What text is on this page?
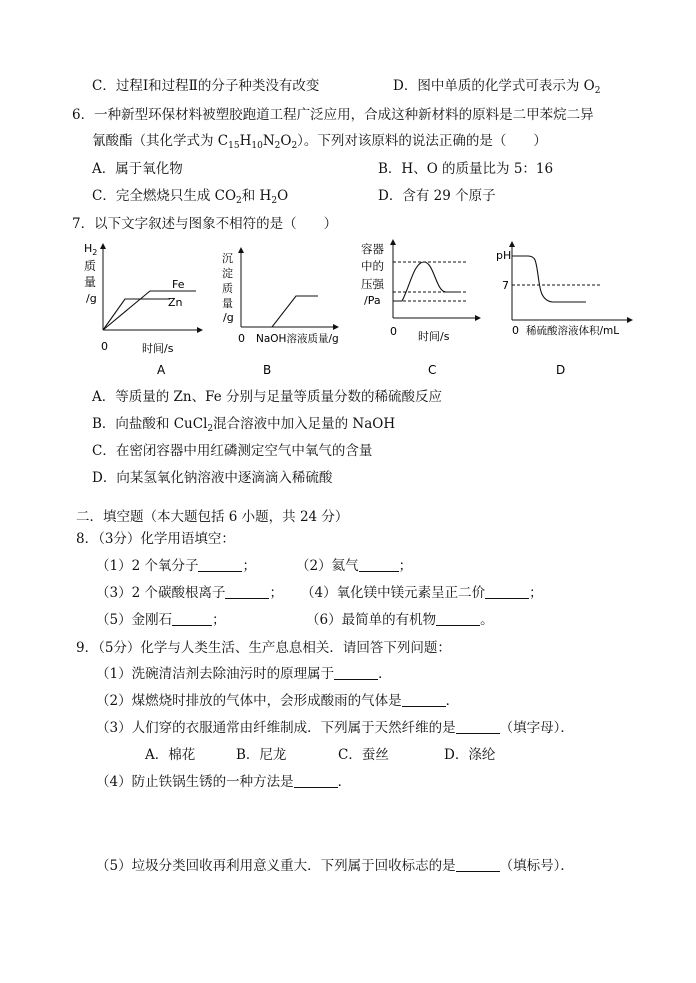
C．过程Ⅰ和过程Ⅱ的分子种类没有改变	D．图中单质的化学式可表示为 $O_2$
6．一种新型环保材料被塑胶跑道工程广泛应用，合成这种新材料的原料是二甲苯烷二异
氰酸酯（其化学式为 $C_{15}H_{10}N_2O_2$）。下列对该原料的说法正确的是（　　）
A．属于氧化物	B．H、O 的质量比为 5：16
C．完全燃烧只生成 $CO_2$和 $H_2O$	D．含有 29 个原子
7．以下文字叙述与图象不相符的是（　　）
$H_2$
质
量
/g
Fe
Zn
0	时间/s
A
沉
淀
质
量
/g
0 NaOH溶液质量/g
B
容器
中的
压强
/Pa
0 时间/s
C
pH
7
0 稀硫酸溶液体积/mL
D
A．等质量的 Zn、Fe 分别与足量等质量分数的稀硫酸反应
B．向盐酸和 CuCl$_2$混合溶液中加入足量的 NaOH
C．在密闭容器中用红磷测定空气中氧气的含量
D．向某氢氧化钠溶液中逐滴滴入稀硫酸
二．填空题（本大题包括 6 小题，共 24 分）
8．（3分）化学用语填空：
（1）2 个氧分子	；	（2）氦气	；
（3）2 个碳酸根离子	； （4）氧化镁中镁元素呈正二价	；
（5）金刚石	；	（6）最简单的有机物	。
9．（5分）化学与人类生活、生产息息相关．请回答下列问题：
（1）洗碗清洁剂去除油污时的原理属于	．
（2）煤燃烧时排放的气体中，会形成酸雨的气体是	．
（3）人们穿的衣服通常由纤维制成．下列属于天然纤维的是	（填字母）．
A．棉花	B．尼龙	C．蚕丝	D．涤纶
（4）防止铁锅生锈的一种方法是	．
（5）垃圾分类回收再利用意义重大．下列属于回收标志的是	（填标号）．
